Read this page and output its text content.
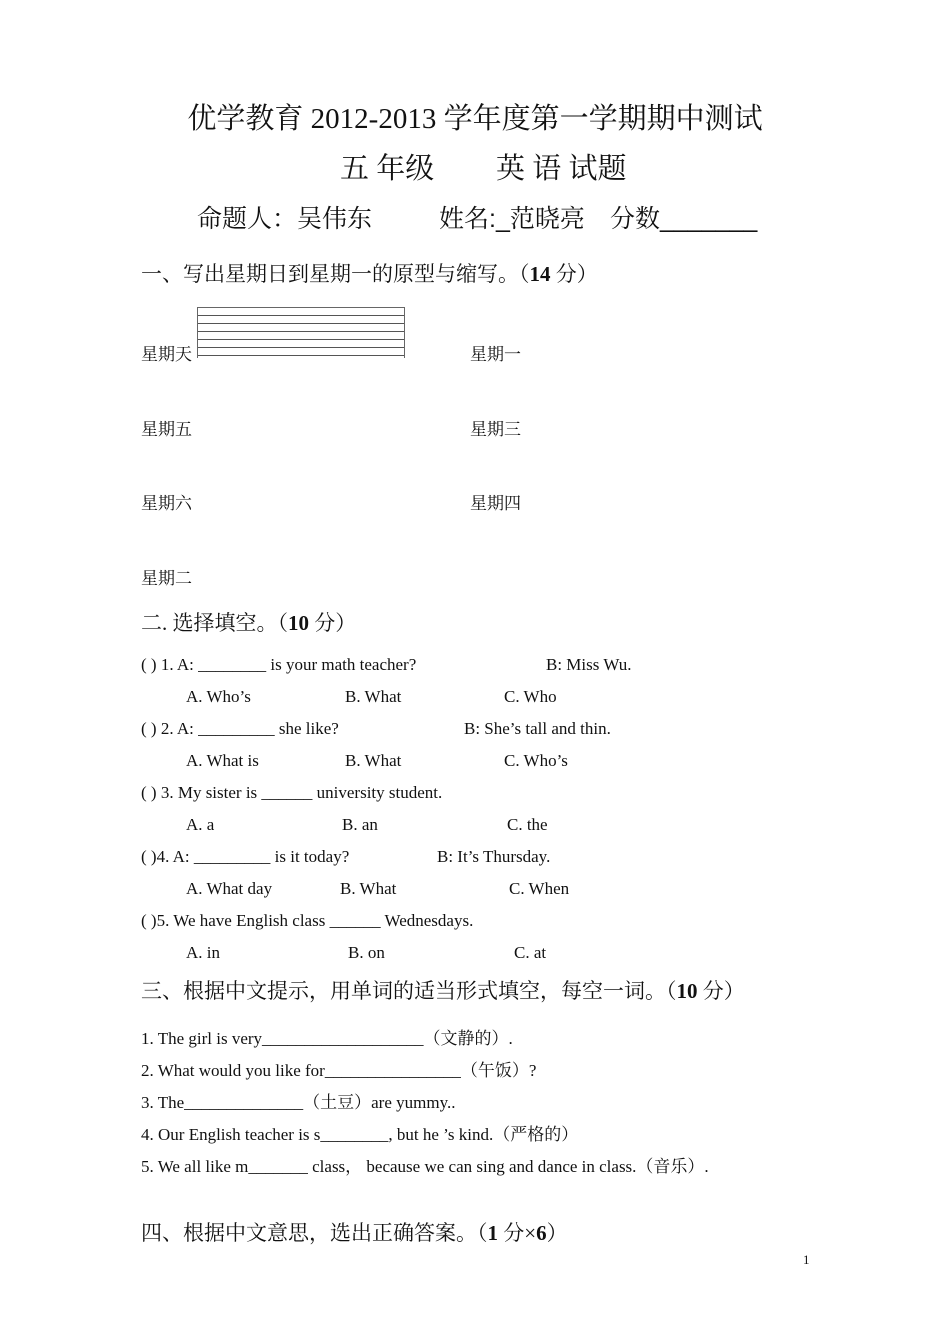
优学教育 2012-2013 学年度第一学期期中测试
五 年级 英 语 试题
命题人：吴伟东	姓名:_范晓亮 分数_______
一、写出星期日到星期一的原型与缩写。（14 分）
星期天	星期一
星期五	星期三
星期六	星期四
星期二
二. 选择填空。（10 分）
( ) 1. A: ________ is your math teacher?	B: Miss Wu.
A. Who’s	B. What	C. Who
( ) 2. A: _________ she like?	B: She’s tall and thin.
A. What is	B. What	C. Who’s
( ) 3. My sister is ______ university student.
A. a	B. an	C. the
( )4. A: _________ is it today?	B: It’s Thursday.
A. What day	B. What	C. When
( )5. We have English class ______ Wednesdays.
A. in	B. on	C. at
三、根据中文提示，用单词的适当形式填空，每空一词。（10 分）
1. The girl is very___________________（文静的）.
2. What would you like for________________（午饭）?
3. The______________（土豆）are yummy..
4. Our English teacher is s________, but he ’s kind.（严格的）
5. We all like m_______ class， because we can sing and dance in class.（音乐）.
四、根据中文意思，选出正确答案。（1 分×6）
1
